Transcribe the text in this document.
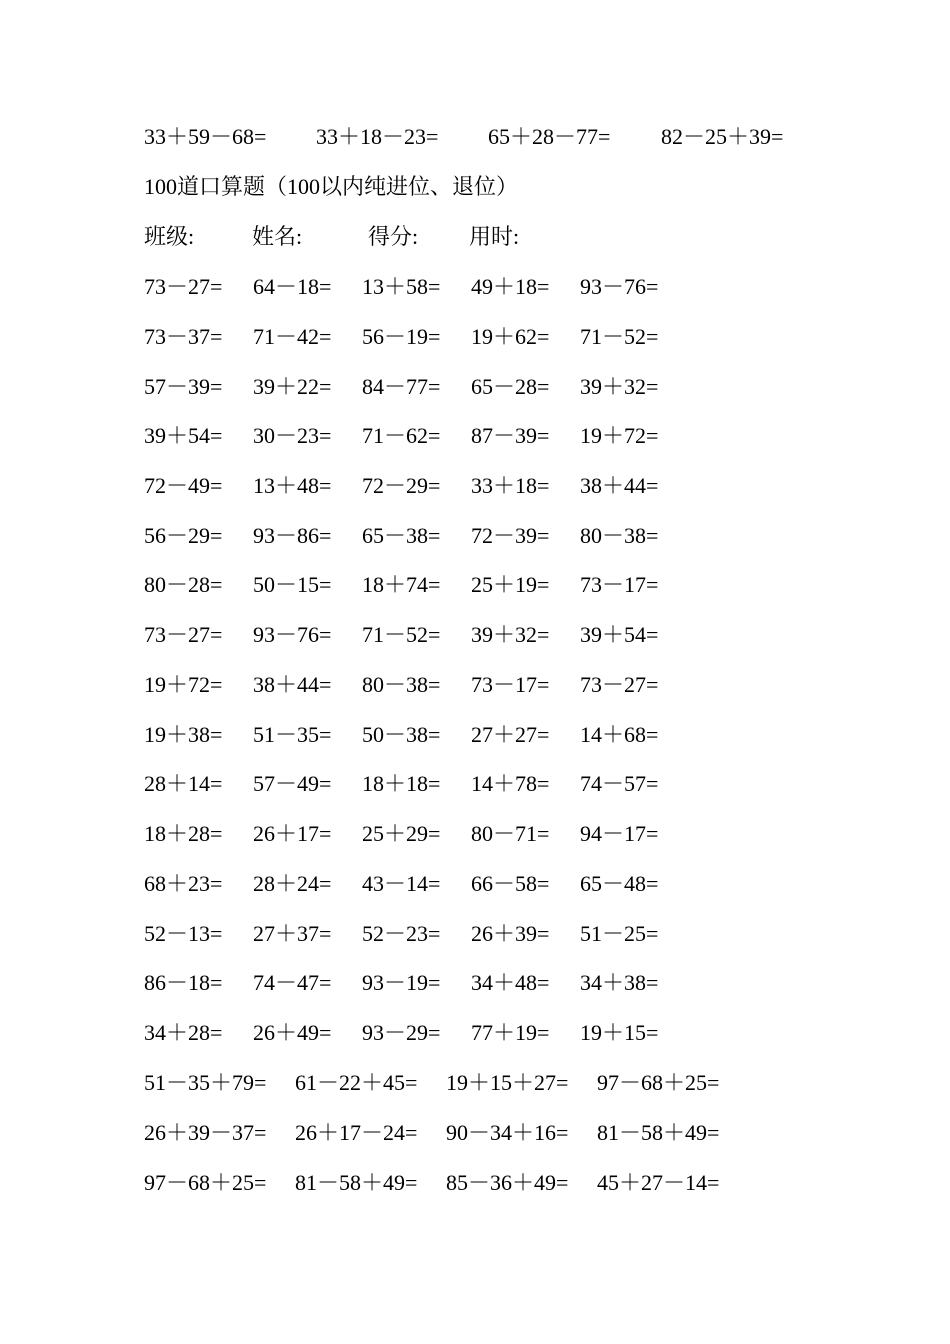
33＋59－68= 33＋18－23= 65＋28－77= 82－25＋39=
100道口算题（100以内纯进位、退位）
班级:	姓名:	得分: 用时:
73－27= 64－18= 13＋58= 49＋18= 93－76=
73－37= 71－42= 56－19= 19＋62= 71－52=
57－39= 39＋22= 84－77= 65－28= 39＋32=
39＋54= 30－23= 71－62= 87－39= 19＋72=
72－49= 13＋48= 72－29= 33＋18= 38＋44=
56－29= 93－86= 65－38= 72－39= 80－38=
80－28= 50－15= 18＋74= 25＋19= 73－17=
73－27= 93－76= 71－52= 39＋32= 39＋54=
19＋72= 38＋44= 80－38= 73－17= 73－27=
19＋38= 51－35= 50－38= 27＋27= 14＋68=
28＋14= 57－49= 18＋18= 14＋78= 74－57=
18＋28= 26＋17= 25＋29= 80－71= 94－17=
68＋23= 28＋24= 43－14= 66－58= 65－48=
52－13= 27＋37= 52－23= 26＋39= 51－25=
86－18= 74－47= 93－19= 34＋48= 34＋38=
34＋28= 26＋49= 93－29= 77＋19= 19＋15=
51－35＋79= 61－22＋45= 19＋15＋27= 97－68＋25=
26＋39－37= 26＋17－24= 90－34＋16= 81－58＋49=
97－68＋25= 81－58＋49= 85－36＋49= 45＋27－14=
